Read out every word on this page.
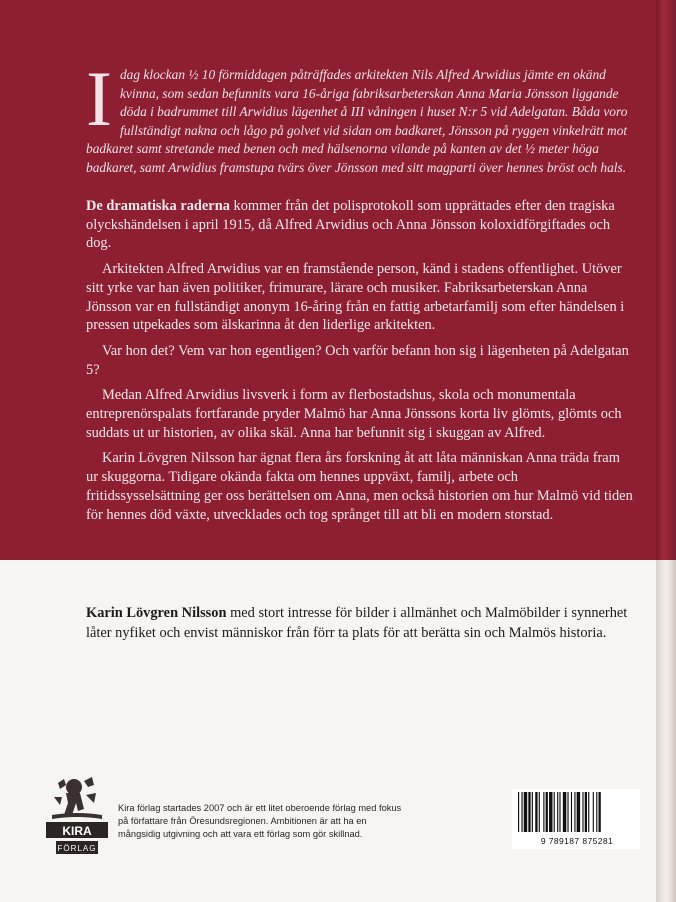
Idag klockan ½ 10 förmiddagen påträffades arkitekten Nils Alfred Arwidius jämte en okänd kvinna, som sedan befunnits vara 16-åriga fabriksarbeterskan Anna Maria Jönsson liggande döda i badrummet till Arwidius lägenhet å III våningen i huset N:r 5 vid Adelgatan. Båda voro fullständigt nakna och lågo på golvet vid sidan om badkaret, Jönsson på ryggen vinkelrätt mot badkaret samt stretande med benen och med hälsenorna vilande på kanten av det ½ meter höga badkaret, samt Arwidius framstupa tvärs över Jönsson med sitt magparti över hennes bröst och hals.

De dramatiska raderna kommer från det polisprotokoll som upprättades efter den tragiska olyckshändelsen i april 1915, då Alfred Arwidius och Anna Jönsson koloxidförgiftades och dog.

Arkitekten Alfred Arwidius var en framstående person, känd i stadens offentlighet. Utöver sitt yrke var han även politiker, frimurare, lärare och musiker. Fabriksarbeterskan Anna Jönsson var en fullständigt anonym 16-åring från en fattig arbetarfamilj som efter händelsen i pressen utpekades som älskarinna åt den liderlige arkitekten.

Var hon det? Vem var hon egentligen? Och varför befann hon sig i lägenheten på Adelgatan 5?

Medan Alfred Arwidius livsverk i form av flerbostadshus, skola och monumentala entreprenörspalats fortfarande pryder Malmö har Anna Jönssons korta liv glömts, glömts och suddats ut ur historien, av olika skäl. Anna har befunnit sig i skuggan av Alfred.

Karin Lövgren Nilsson har ägnat flera års forskning åt att låta människan Anna träda fram ur skuggorna. Tidigare okända fakta om hennes uppväxt, familj, arbete och fritidssysselsättning ger oss berättelsen om Anna, men också historien om hur Malmö vid tiden för hennes död växte, utvecklades och tog språnget till att bli en modern storstad.

Karin Lövgren Nilsson med stort intresse för bilder i allmänhet och Malmöbilder i synnerhet låter nyfiket och envist människor från förr ta plats för att berätta sin och Malmös historia.
KIRA
FÖRLAG
Kira förlag startades 2007 och är ett litet oberoende förlag med fokus på författare från Öresundsregionen. Ambitionen är att ha en mångsidig utgivning och att vara ett förlag som gör skillnad.
9 789187 875281
